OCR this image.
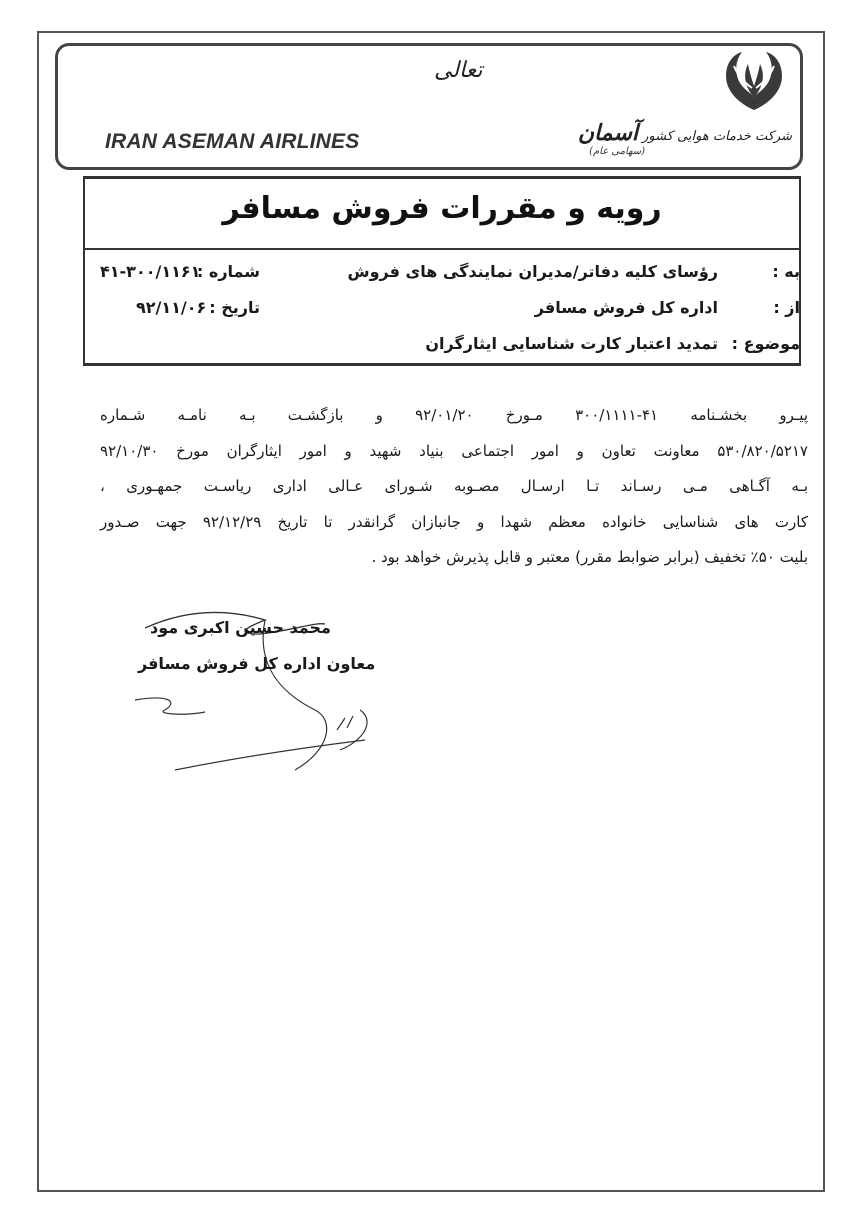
شرکت خدمات هوایی کشور آسمان
(سهامی عام)
تعالی
IRAN ASEMAN AIRLINES
رویه و مقررات فروش مسافر
به :
رؤسای کلیه دفاتر/مدیران نمایندگی های فروش
شماره :
۴۱-۳۰۰/۱۱۶۱
از :
اداره کل فروش مسافر
تاریخ :
۹۲/۱۱/۰۶
موضوع :
تمدید اعتبار کارت شناسایی ایثارگران
پیـرو بخشـنامه ۴۱-۳۰۰/۱۱۱۱ مـورخ ۹۲/۰۱/۲۰ و بازگشـت بـه نامـه شـماره
۵۳۰/۸۲۰/۵۲۱۷ معاونت تعاون و امور اجتماعی بنیاد شهید و امور ایثارگران مورخ ۹۲/۱۰/۳۰
بـه آگـاهی مـی رسـاند تـا ارسـال مصـوبه شـورای عـالی اداری ریاسـت جمهـوری ،
کارت های شناسایی خانواده معظم شهدا و جانبازان گرانقدر تا تاریخ ۹۲/۱۲/۲۹ جهت صـدور
بلیت ۵۰٪ تخفیف (برابر ضوابط مقرر) معتبر و قابل پذیرش خواهد بود .
محمد حسین اکبری مود
معاون اداره کل فروش مسافر
